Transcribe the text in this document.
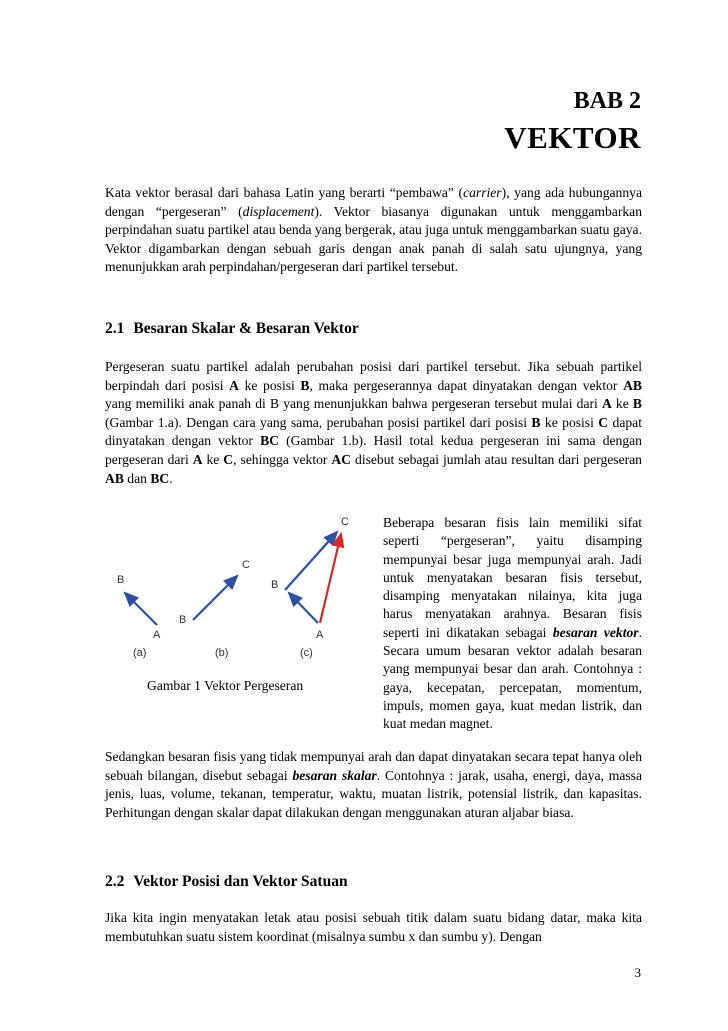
BAB 2
VEKTOR

Kata vektor berasal dari bahasa Latin yang berarti “pembawa” (carrier), yang ada hubungannya dengan “pergeseran” (displacement). Vektor biasanya digunakan untuk menggambarkan perpindahan suatu partikel atau benda yang bergerak, atau juga untuk menggambarkan suatu gaya. Vektor digambarkan dengan sebuah garis dengan anak panah di salah satu ujungnya, yang menunjukkan arah perpindahan/pergeseran dari partikel tersebut.

2.1 Besaran Skalar & Besaran Vektor

Pergeseran suatu partikel adalah perubahan posisi dari partikel tersebut. Jika sebuah partikel berpindah dari posisi A ke posisi B, maka pergeserannya dapat dinyatakan dengan vektor AB yang memiliki anak panah di B yang menunjukkan bahwa pergeseran tersebut mulai dari A ke B (Gambar 1.a). Dengan cara yang sama, perubahan posisi partikel dari posisi B ke posisi C dapat dinyatakan dengan vektor BC (Gambar 1.b). Hasil total kedua pergeseran ini sama dengan pergeseran dari A ke C, sehingga vektor AC disebut sebagai jumlah atau resultan dari pergeseran AB dan BC.

B
A
C
B
C
B
A
(a)	(b)	(c)
Gambar 1 Vektor Pergeseran

Beberapa besaran fisis lain memiliki sifat seperti “pergeseran”, yaitu disamping mempunyai besar juga mempunyai arah. Jadi untuk menyatakan besaran fisis tersebut, disamping menyatakan nilainya, kita juga harus menyatakan arahnya. Besaran fisis seperti ini dikatakan sebagai besaran vektor. Secara umum besaran vektor adalah besaran yang mempunyai besar dan arah. Contohnya : gaya, kecepatan, percepatan, momentum, impuls, momen gaya, kuat medan listrik, dan kuat medan magnet.

Sedangkan besaran fisis yang tidak mempunyai arah dan dapat dinyatakan secara tepat hanya oleh sebuah bilangan, disebut sebagai besaran skalar. Contohnya : jarak, usaha, energi, daya, massa jenis, luas, volume, tekanan, temperatur, waktu, muatan listrik, potensial listrik, dan kapasitas. Perhitungan dengan skalar dapat dilakukan dengan menggunakan aturan aljabar biasa.

2.2 Vektor Posisi dan Vektor Satuan

Jika kita ingin menyatakan letak atau posisi sebuah titik dalam suatu bidang datar, maka kita membutuhkan suatu sistem koordinat (misalnya sumbu x dan sumbu y). Dengan

3
